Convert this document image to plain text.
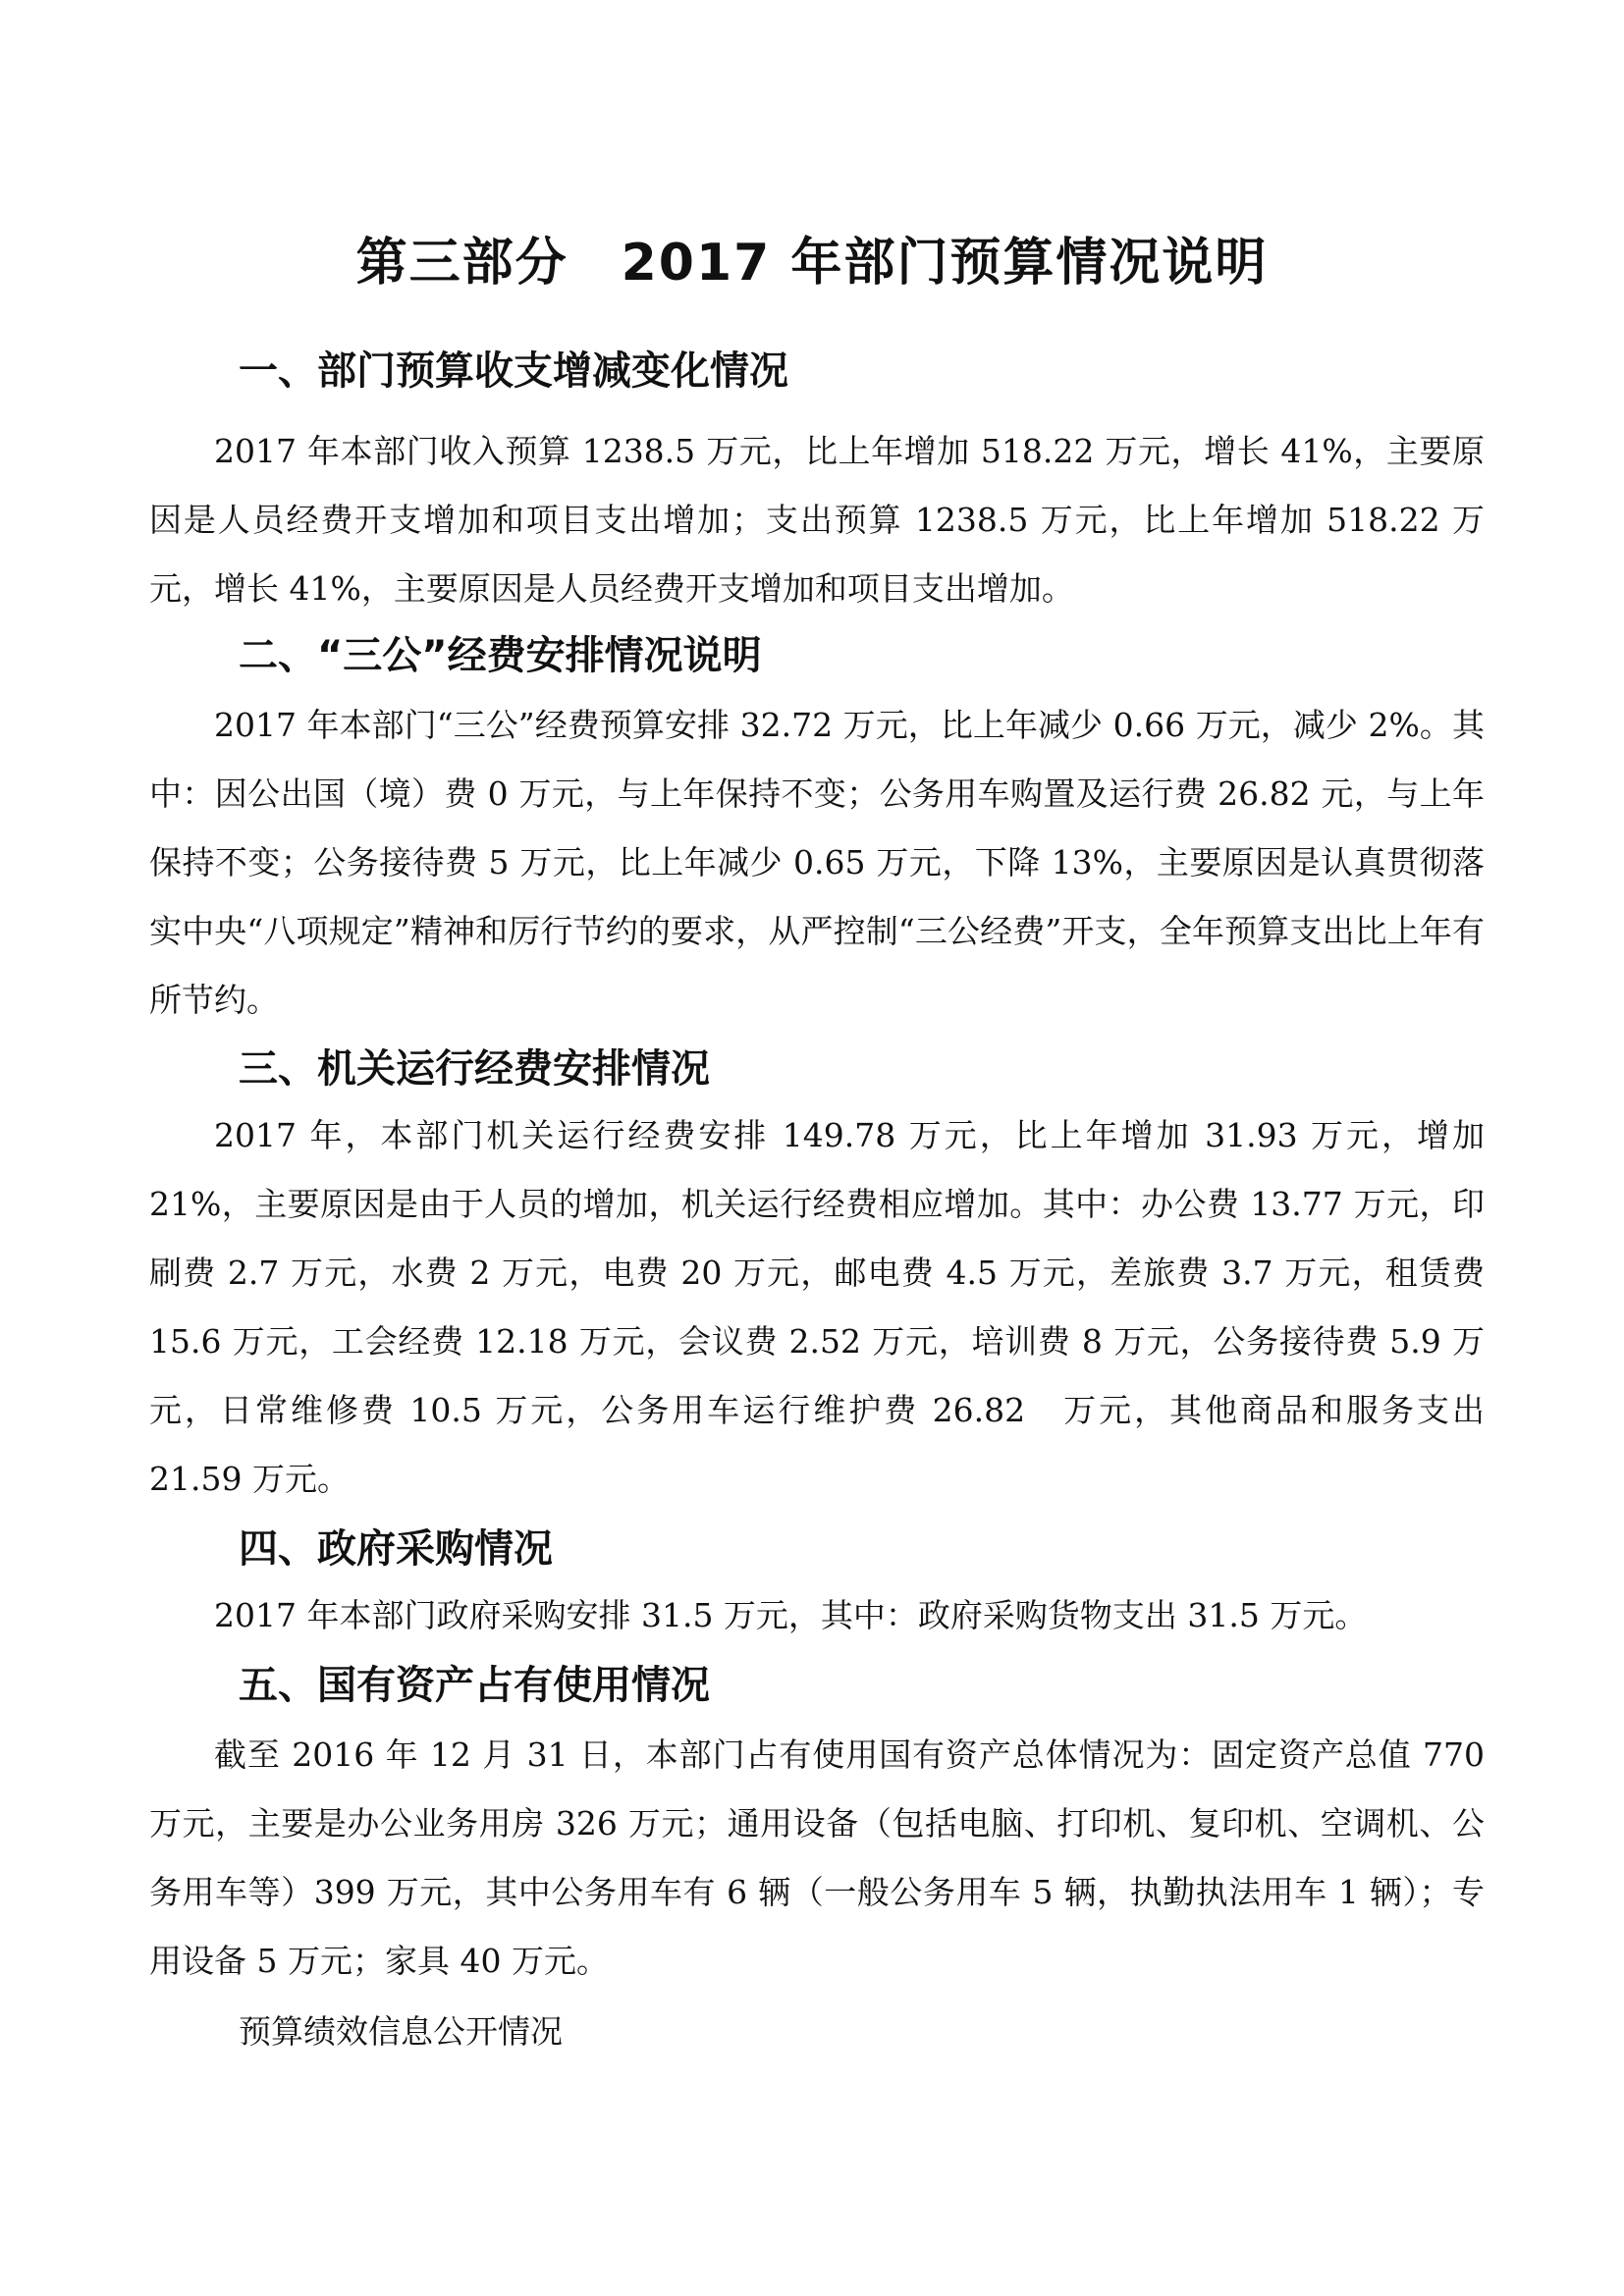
第三部分　2017 年部门预算情况说明
一、部门预算收支增减变化情况

2017 年本部门收入预算 1238.5 万元，比上年增加 518.22 万元，增长 41%，主要原因是人员经费开支增加和项目支出增加；支出预算 1238.5 万元，比上年增加 518.22 万元，增长 41%，主要原因是人员经费开支增加和项目支出增加。

二、“三公”经费安排情况说明

2017 年本部门“三公”经费预算安排 32.72 万元，比上年减少 0.66 万元，减少 2%。其中：因公出国（境）费 0 万元，与上年保持不变；公务用车购置及运行费 26.82 元，与上年保持不变；公务接待费 5 万元，比上年减少 0.65 万元，下降 13%，主要原因是认真贯彻落实中央“八项规定”精神和厉行节约的要求，从严控制“三公经费”开支，全年预算支出比上年有所节约。

三、机关运行经费安排情况

2017 年，本部门机关运行经费安排 149.78 万元，比上年增加 31.93 万元，增加 21%，主要原因是由于人员的增加，机关运行经费相应增加。其中：办公费 13.77 万元，印刷费 2.7 万元，水费 2 万元，电费 20 万元，邮电费 4.5 万元，差旅费 3.7 万元，租赁费 15.6 万元，工会经费 12.18 万元，会议费 2.52 万元，培训费 8 万元，公务接待费 5.9 万元，日常维修费 10.5 万元，公务用车运行维护费 26.82　万元，其他商品和服务支出 21.59 万元。

四、政府采购情况

2017 年本部门政府采购安排 31.5 万元，其中：政府采购货物支出 31.5 万元。

五、国有资产占有使用情况

截至 2016 年 12 月 31 日，本部门占有使用国有资产总体情况为：固定资产总值 770 万元，主要是办公业务用房 326 万元；通用设备（包括电脑、打印机、复印机、空调机、公务用车等）399 万元，其中公务用车有 6 辆（一般公务用车 5 辆，执勤执法用车 1 辆）；专用设备 5 万元；家具 40 万元。

预算绩效信息公开情况
